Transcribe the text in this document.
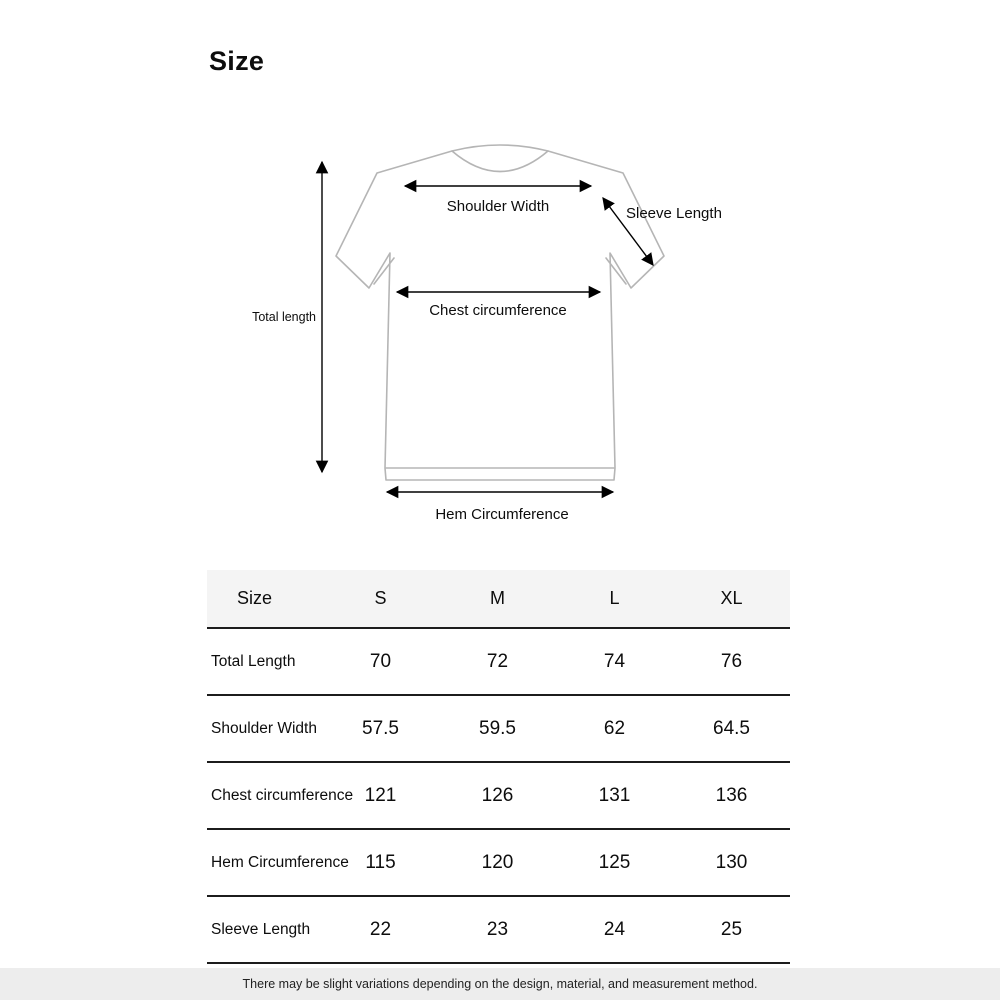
Size
Total length
Shoulder Width	Sleeve Length
Chest circumference
Hem Circumference
Size	S	M	L	XL
Total Length	70	72	74	76
Shoulder Width	57.5	59.5	62	64.5
Chest circumference 121	126	131	136
Hem Circumference 115	120	125	130
Sleeve Length	22	23	24	25
There may be slight variations depending on the design, material, and measurement method.
